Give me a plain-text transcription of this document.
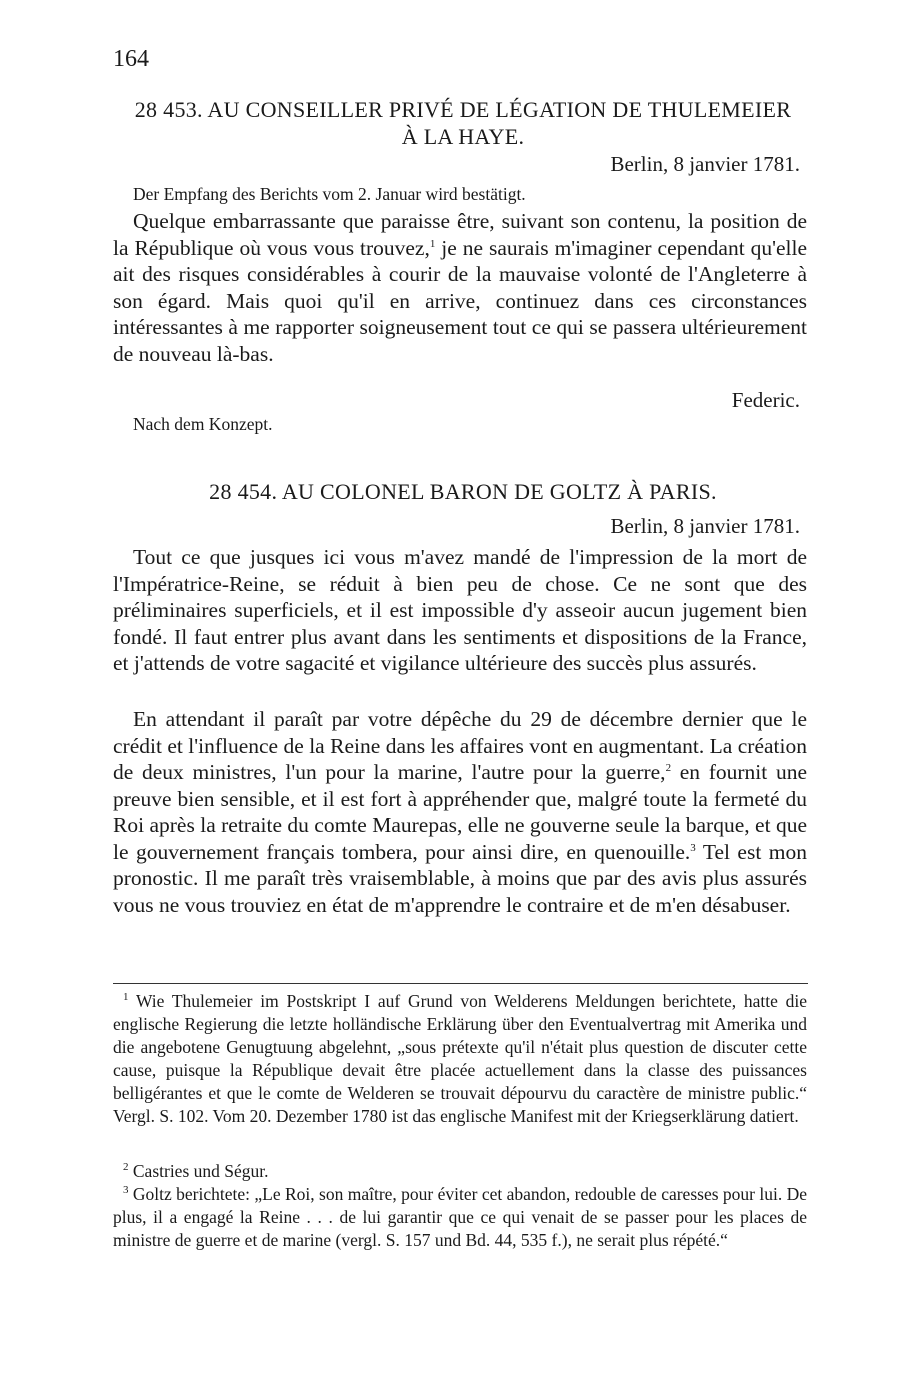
164
28 453. AU CONSEILLER PRIVÉ DE LÉGATION DE THULEMEIER
À LA HAYE.
Berlin, 8 janvier 1781.
Der Empfang des Berichts vom 2. Januar wird bestätigt.

Quelque embarrassante que paraisse être, suivant son contenu, la position de la République où vous vous trouvez,$^1$ je ne saurais m'imaginer cependant qu'elle ait des risques considérables à courir de la mauvaise volonté de l'Angleterre à son égard. Mais quoi qu'il en arrive, continuez dans ces circonstances intéressantes à me rapporter soigneusement tout ce qui se passera ultérieurement de nouveau là-bas.

Federic.
Nach dem Konzept.
28 454. AU COLONEL BARON DE GOLTZ À PARIS.
Berlin, 8 janvier 1781.

Tout ce que jusques ici vous m'avez mandé de l'impression de la mort de l'Impératrice-Reine, se réduit à bien peu de chose. Ce ne sont que des préliminaires superficiels, et il est impossible d'y asseoir aucun jugement bien fondé. Il faut entrer plus avant dans les sentiments et dispositions de la France, et j'attends de votre sagacité et vigilance ultérieure des succès plus assurés.

En attendant il paraît par votre dépêche du 29 de décembre dernier que le crédit et l'influence de la Reine dans les affaires vont en augmentant. La création de deux ministres, l'un pour la marine, l'autre pour la guerre,$^2$ en fournit une preuve bien sensible, et il est fort à appréhender que, malgré toute la fermeté du Roi après la retraite du comte Maurepas, elle ne gouverne seule la barque, et que le gouvernement français tombera, pour ainsi dire, en quenouille.$^3$ Tel est mon pronostic. Il me paraît très vraisemblable, à moins que par des avis plus assurés vous ne vous trouviez en état de m'apprendre le contraire et de m'en désabuser.

$^1$ Wie Thulemeier im Postskript I auf Grund von Welderens Meldungen berichtete, hatte die englische Regierung die letzte holländische Erklärung über den Eventualvertrag mit Amerika und die angebotene Genugtuung abgelehnt, „sous prétexte qu'il n'était plus question de discuter cette cause, puisque la République devait être placée actuellement dans la classe des puissances belligérantes et que le comte de Welderen se trouvait dépourvu du caractère de ministre public.“ Vergl. S. 102. Vom 20. Dezember 1780 ist das englische Manifest mit der Kriegserklärung datiert.

$^2$ Castries und Ségur.

$^3$ Goltz berichtete: „Le Roi, son maître, pour éviter cet abandon, redouble de caresses pour lui. De plus, il a engagé la Reine . . . de lui garantir que ce qui venait de se passer pour les places de ministre de guerre et de marine (vergl. S. 157 und Bd. 44, 535 f.), ne serait plus répété.“
